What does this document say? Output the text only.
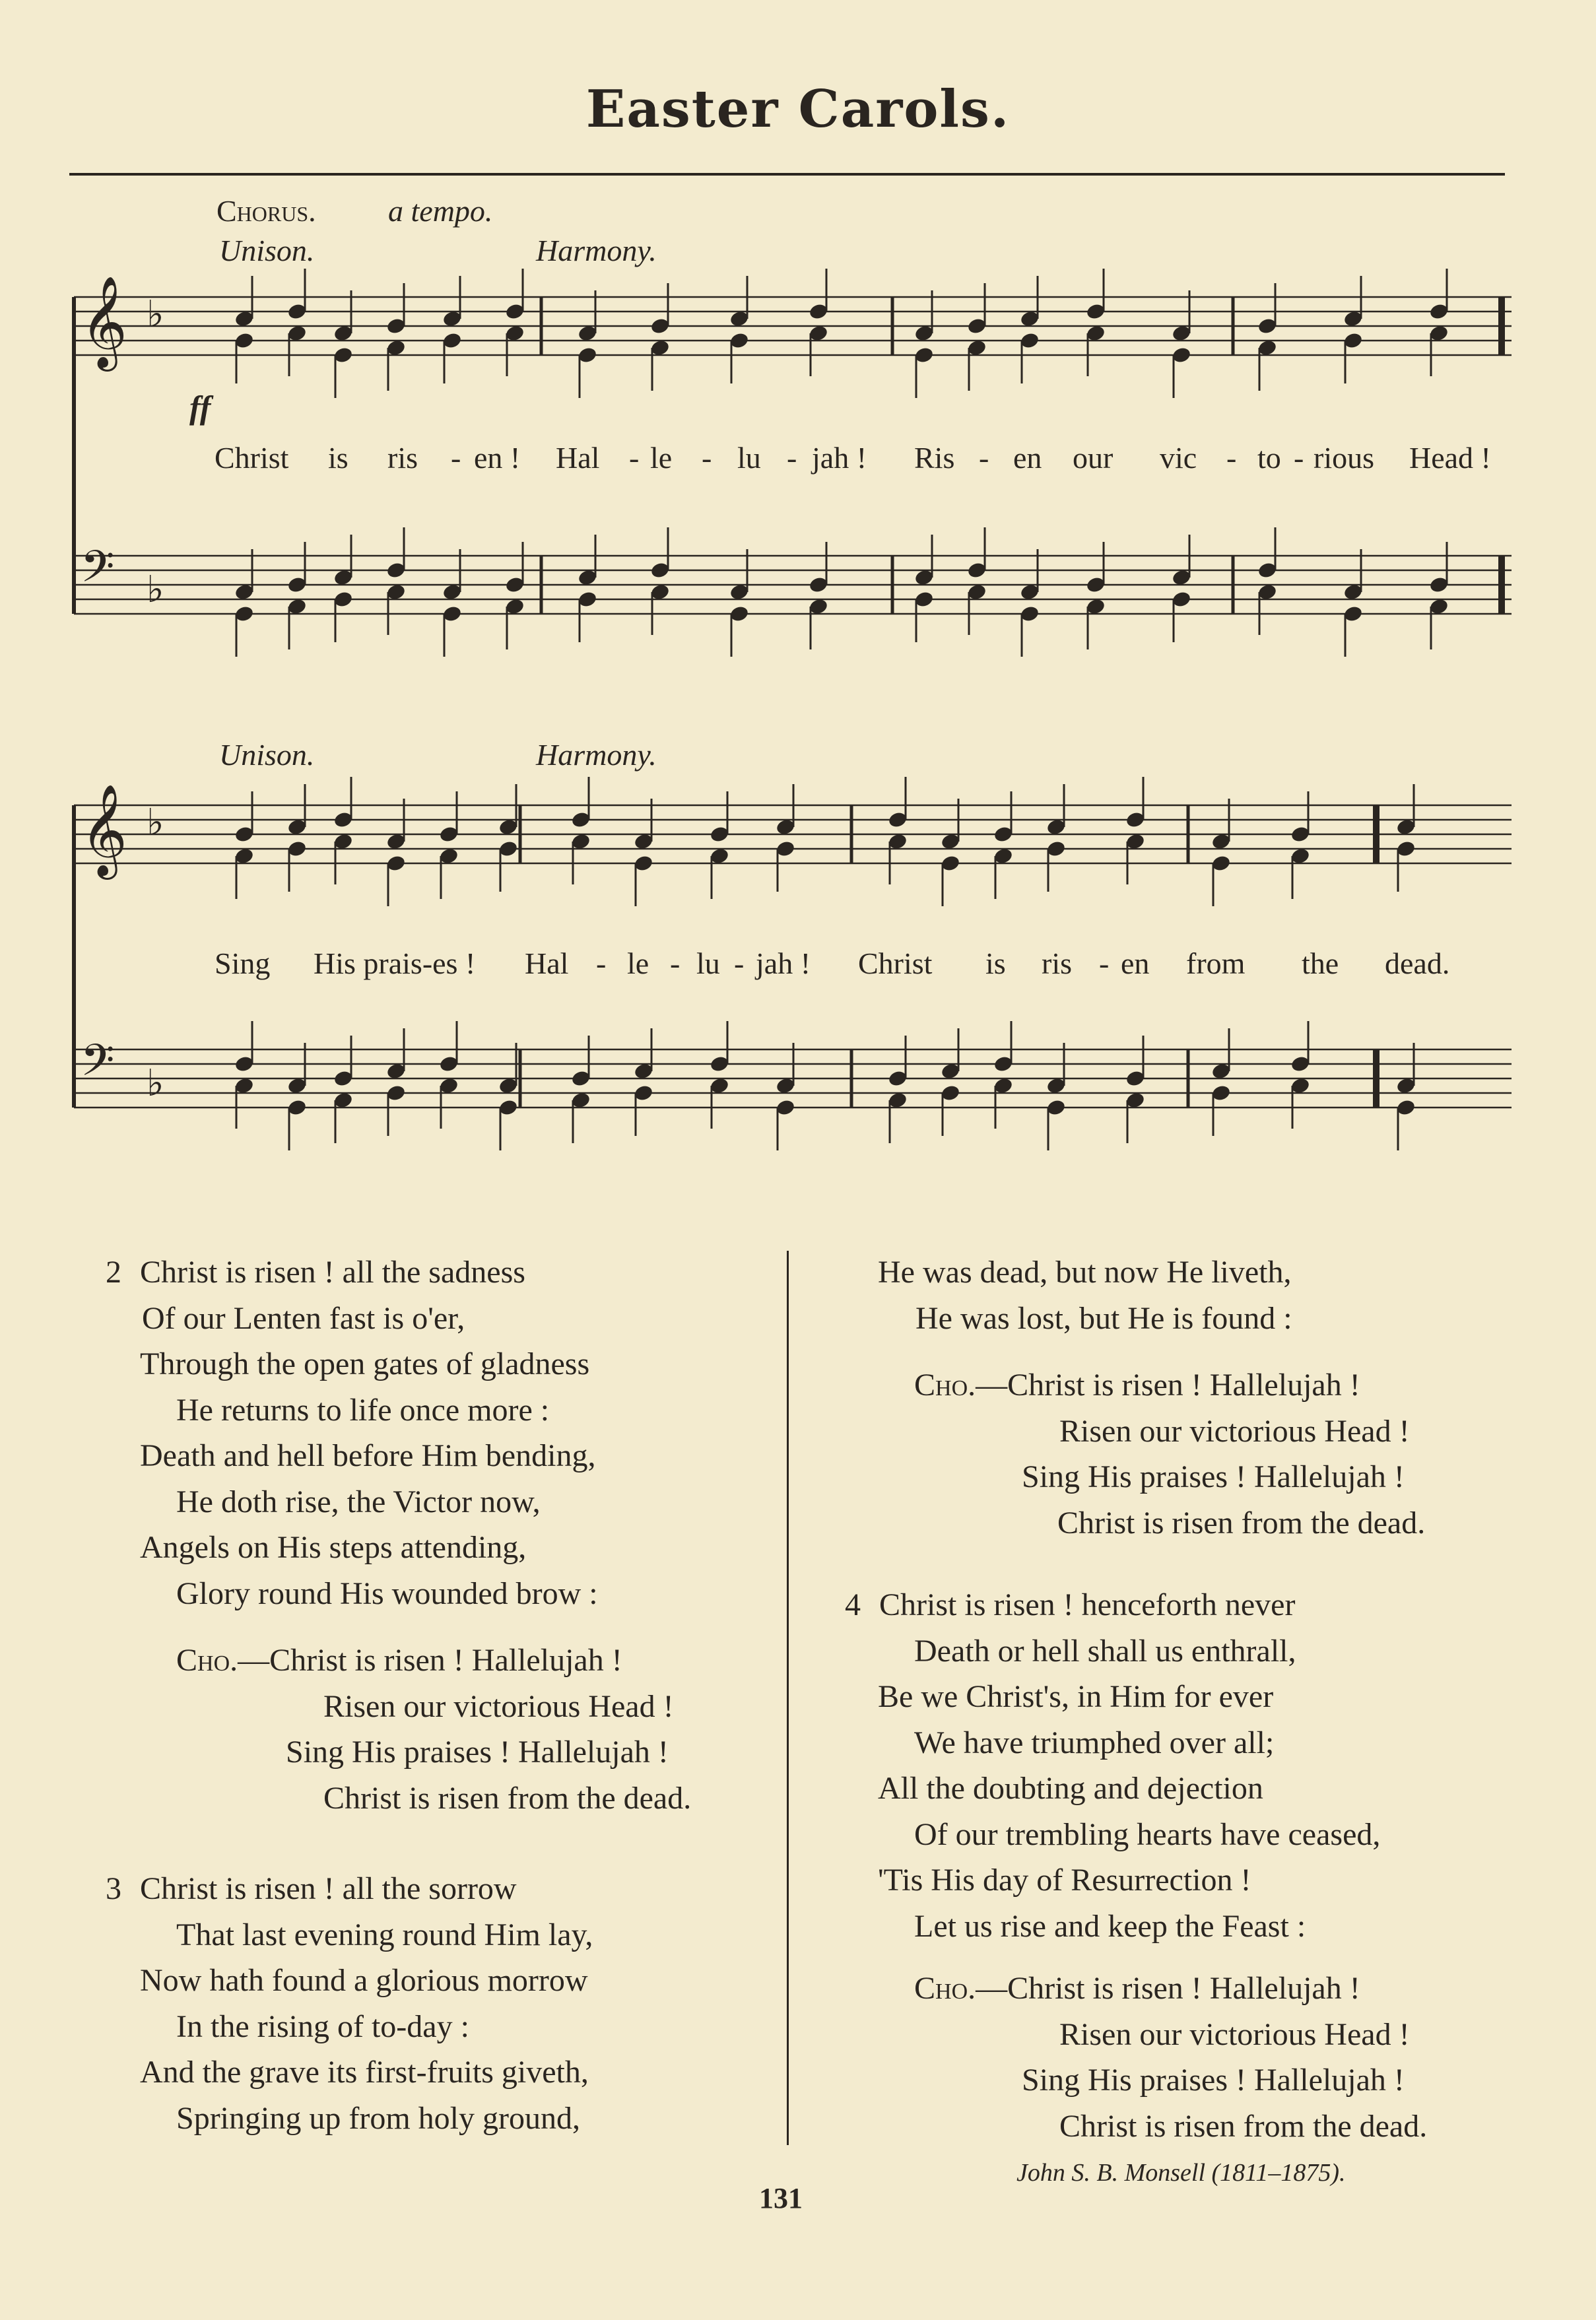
Easter Carols.
Chorus. a tempo.
Unison.	Harmony.
ff
Unison.	Harmony.
𝄞 ♭
𝄢 ♭
𝄞 ♭
𝄢 ♭
Christ is ris - en ! Hal - le - lu - jah ! Ris - en our vic - to - rious Head !
Sing His prais-es ! Hal - le - lu - jah ! Christ is ris - en from the dead.
2 Christ is risen ! all the sadness
Of our Lenten fast is o'er,
Through the open gates of gladness
He returns to life once more :
Death and hell before Him bending,
He doth rise, the Victor now,
Angels on His steps attending,
Glory round His wounded brow :
Cho.—Christ is risen ! Hallelujah !
Risen our victorious Head !
Sing His praises ! Hallelujah !
Christ is risen from the dead.
3 Christ is risen ! all the sorrow
That last evening round Him lay,
Now hath found a glorious morrow
In the rising of to-day :
And the grave its first-fruits giveth,
Springing up from holy ground,
He was dead, but now He liveth,
He was lost, but He is found :
Cho.—Christ is risen ! Hallelujah !
Risen our victorious Head !
Sing His praises ! Hallelujah !
Christ is risen from the dead.
4 Christ is risen ! henceforth never
Death or hell shall us enthrall,
Be we Christ's, in Him for ever
We have triumphed over all;
All the doubting and dejection
Of our trembling hearts have ceased,
'Tis His day of Resurrection !
Let us rise and keep the Feast :
Cho.—Christ is risen ! Hallelujah !
Risen our victorious Head !
Sing His praises ! Hallelujah !
Christ is risen from the dead.
John S. B. Monsell (1811–1875).
131
